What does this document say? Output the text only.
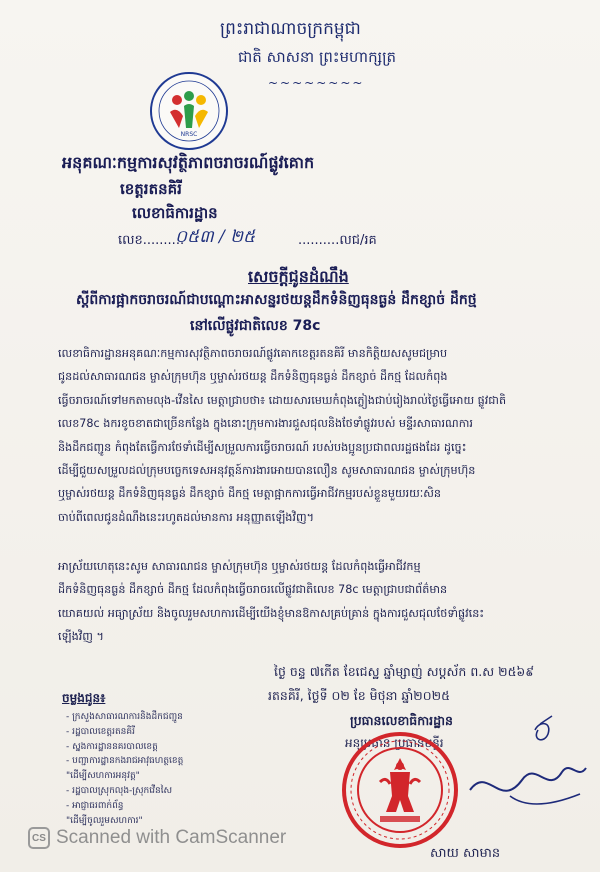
ព្រះរាជាណាចក្រកម្ពុជា
ជាតិ សាសនា ព្រះមហាក្សត្រ
~~~~~~~~
NRSC
អនុគណៈកម្មការសុវត្ថិភាពចរាចរណ៍ផ្លូវគោក
ខេត្តរតនគិរី
លេខាធិការដ្ឋាន
លេខ..........
០៥៣ / ២៥	..........លជ/រគ
សេចក្តីជូនដំណឹង
ស្តីពីការផ្អាកចរាចរណ៍ជាបណ្តោះអាសន្នរថយន្តដឹកទំនិញធុនធ្ងន់ ដឹកខ្សាច់ ដឹកថ្ម
នៅលើផ្លូវជាតិលេខ 78c
លេខាធិការដ្ឋានអនុគណៈកម្មការសុវត្ថិភាពចរាចរណ៍ផ្លូវគោកខេត្តរតនគិរី មានកិត្តិយសសូមជម្រាប
ជូនដល់សាធារណជន ម្ចាស់ក្រុមហ៊ុន ឬម្ចាស់រថយន្ត ដឹកទំនិញធុនធ្ងន់ ដឹកខ្សាច់ ដឹកថ្ម ដែលកំពុង
ធ្វើចរាចរណ៍ទៅមកតាមលុង-វើនសៃ មេត្តាជ្រាបថា៖ ដោយសារមេឃកំពុងភ្លៀងជាប់រៀងរាល់ថ្ងៃធ្វើអោយ ផ្លូវជាតិ
លេខ78c ងករខូចខាតជាច្រើនកន្លែង ក្នុងនោះក្រុមការងារជួសជុលនិងថែទាំផ្លូវរបស់ មន្ទីរសាធារណការ
និងដឹកជញ្ជូន កំពុងតែធ្វើការថែទាំដើម្បីសម្រួលការធ្វើចរាចរណ៍ របស់បងប្អូនប្រជាពលរដ្ឋផងដែរ ដូច្នេះ
ដើម្បីជួយសម្រួលដល់ក្រុមបច្ចេកទេសអនុវត្តន៍ការងារអោយបានលឿន សូមសាធារណជន ម្ចាស់ក្រុមហ៊ុន
ឬម្ចាស់រថយន្ត ដឹកទំនិញធុនធ្ងន់ ដឹកខ្សាច់ ដឹកថ្ម មេត្តាផ្អាកការធ្វើអាជីវកម្មរបស់ខ្លួនមួយរយៈសិន
ចាប់ពីពេលជូនដំណឹងនេះរហូតដល់មានការ អនុញ្ញាតឡើងវិញ។
អាស្រ័យហេតុនេះសូម សាធារណជន ម្ចាស់ក្រុមហ៊ុន ឬម្ចាស់រថយន្ត ដែលកំពុងធ្វើអាជីវកម្ម
ដឹកទំនិញធុនធ្ងន់ ដឹកខ្សាច់ ដឹកថ្ម ដែលកំពុងធ្វើចរាចរលើផ្លូវជាតិលេខ 78c មេត្តាជ្រាបជាព័ត៌មាន
យោគយល់ អធ្យាស្រ័យ និងចូលរួមសហការដើម្បីយើងខ្ញុំមានឱកាសគ្រប់គ្រាន់ ក្នុងការជួសជុលថែទាំផ្លូវនេះ
ឡើងវិញ ។
ថ្ងៃ ចន្ទ ៧កើត ខែជេស្ឋ ឆ្នាំម្សាញ់ សប្តស័ក ព.ស ២៥៦៩
រតនគិរី, ថ្ងៃទី ០២ ខែ មិថុនា ឆ្នាំ២០២៥
ប្រធានលេខាធិការដ្ឋាន
អនុប្រធាន ប្រធានមន្ទីរ
ចម្លងជូន៖
- ក្រសួងសាធារណការនិងដឹកជញ្ជូន
- រដ្ឋបាលខេត្តរតនគិរី
- ស្នងការដ្ឋាននគរបាលខេត្ត
- បញ្ជាការដ្ឋានកងរាជអាវុធហត្ថខេត្ត
"ដើម្បីសហការអនុវត្ត"
- រដ្ឋបាលស្រុកលុង-ស្រុកវើនសៃ
- អាជ្ញាធរពាក់ព័ន្ធ
"ដើម្បីចូលរួមសហការ"
សាយ សាមាន
CS Scanned with CamScanner
